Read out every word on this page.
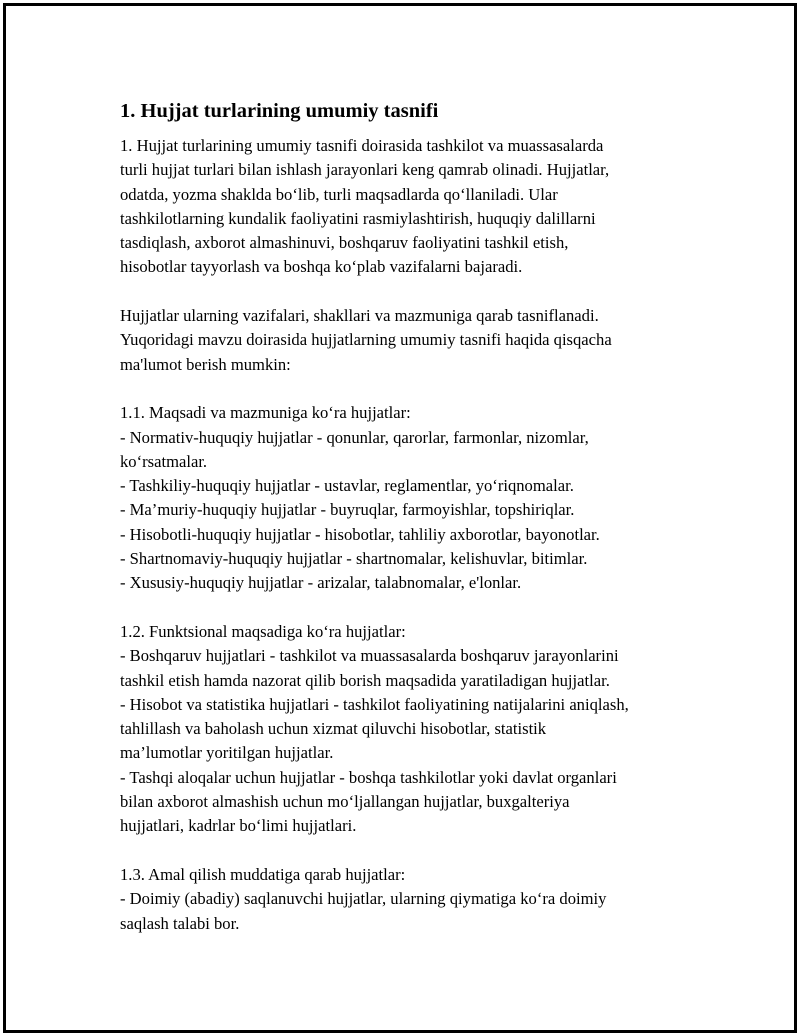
1. Hujjat turlarining umumiy tasnifi

1. Hujjat turlarining umumiy tasnifi doirasida tashkilot va muassasalarda
turli hujjat turlari bilan ishlash jarayonlari keng qamrab olinadi. Hujjatlar,
odatda, yozma shaklda bo‘lib, turli maqsadlarda qo‘llaniladi. Ular
tashkilotlarning kundalik faoliyatini rasmiylashtirish, huquqiy dalillarni
tasdiqlash, axborot almashinuvi, boshqaruv faoliyatini tashkil etish,
hisobotlar tayyorlash va boshqa ko‘plab vazifalarni bajaradi.

Hujjatlar ularning vazifalari, shakllari va mazmuniga qarab tasniflanadi.
Yuqoridagi mavzu doirasida hujjatlarning umumiy tasnifi haqida qisqacha
ma'lumot berish mumkin:

1.1. Maqsadi va mazmuniga ko‘ra hujjatlar:
- Normativ-huquqiy hujjatlar - qonunlar, qarorlar, farmonlar, nizomlar,
ko‘rsatmalar.
- Tashkiliy-huquqiy hujjatlar - ustavlar, reglamentlar, yo‘riqnomalar.
- Ma’muriy-huquqiy hujjatlar - buyruqlar, farmoyishlar, topshiriqlar.
- Hisobotli-huquqiy hujjatlar - hisobotlar, tahliliy axborotlar, bayonotlar.
- Shartnomaviy-huquqiy hujjatlar - shartnomalar, kelishuvlar, bitimlar.
- Xususiy-huquqiy hujjatlar - arizalar, talabnomalar, e'lonlar.

1.2. Funktsional maqsadiga ko‘ra hujjatlar:
- Boshqaruv hujjatlari - tashkilot va muassasalarda boshqaruv jarayonlarini
tashkil etish hamda nazorat qilib borish maqsadida yaratiladigan hujjatlar.
- Hisobot va statistika hujjatlari - tashkilot faoliyatining natijalarini aniqlash,
tahlillash va baholash uchun xizmat qiluvchi hisobotlar, statistik
ma’lumotlar yoritilgan hujjatlar.
- Tashqi aloqalar uchun hujjatlar - boshqa tashkilotlar yoki davlat organlari
bilan axborot almashish uchun mo‘ljallangan hujjatlar, buxgalteriya
hujjatlari, kadrlar bo‘limi hujjatlari.

1.3. Amal qilish muddatiga qarab hujjatlar:
- Doimiy (abadiy) saqlanuvchi hujjatlar, ularning qiymatiga ko‘ra doimiy
saqlash talabi bor.
